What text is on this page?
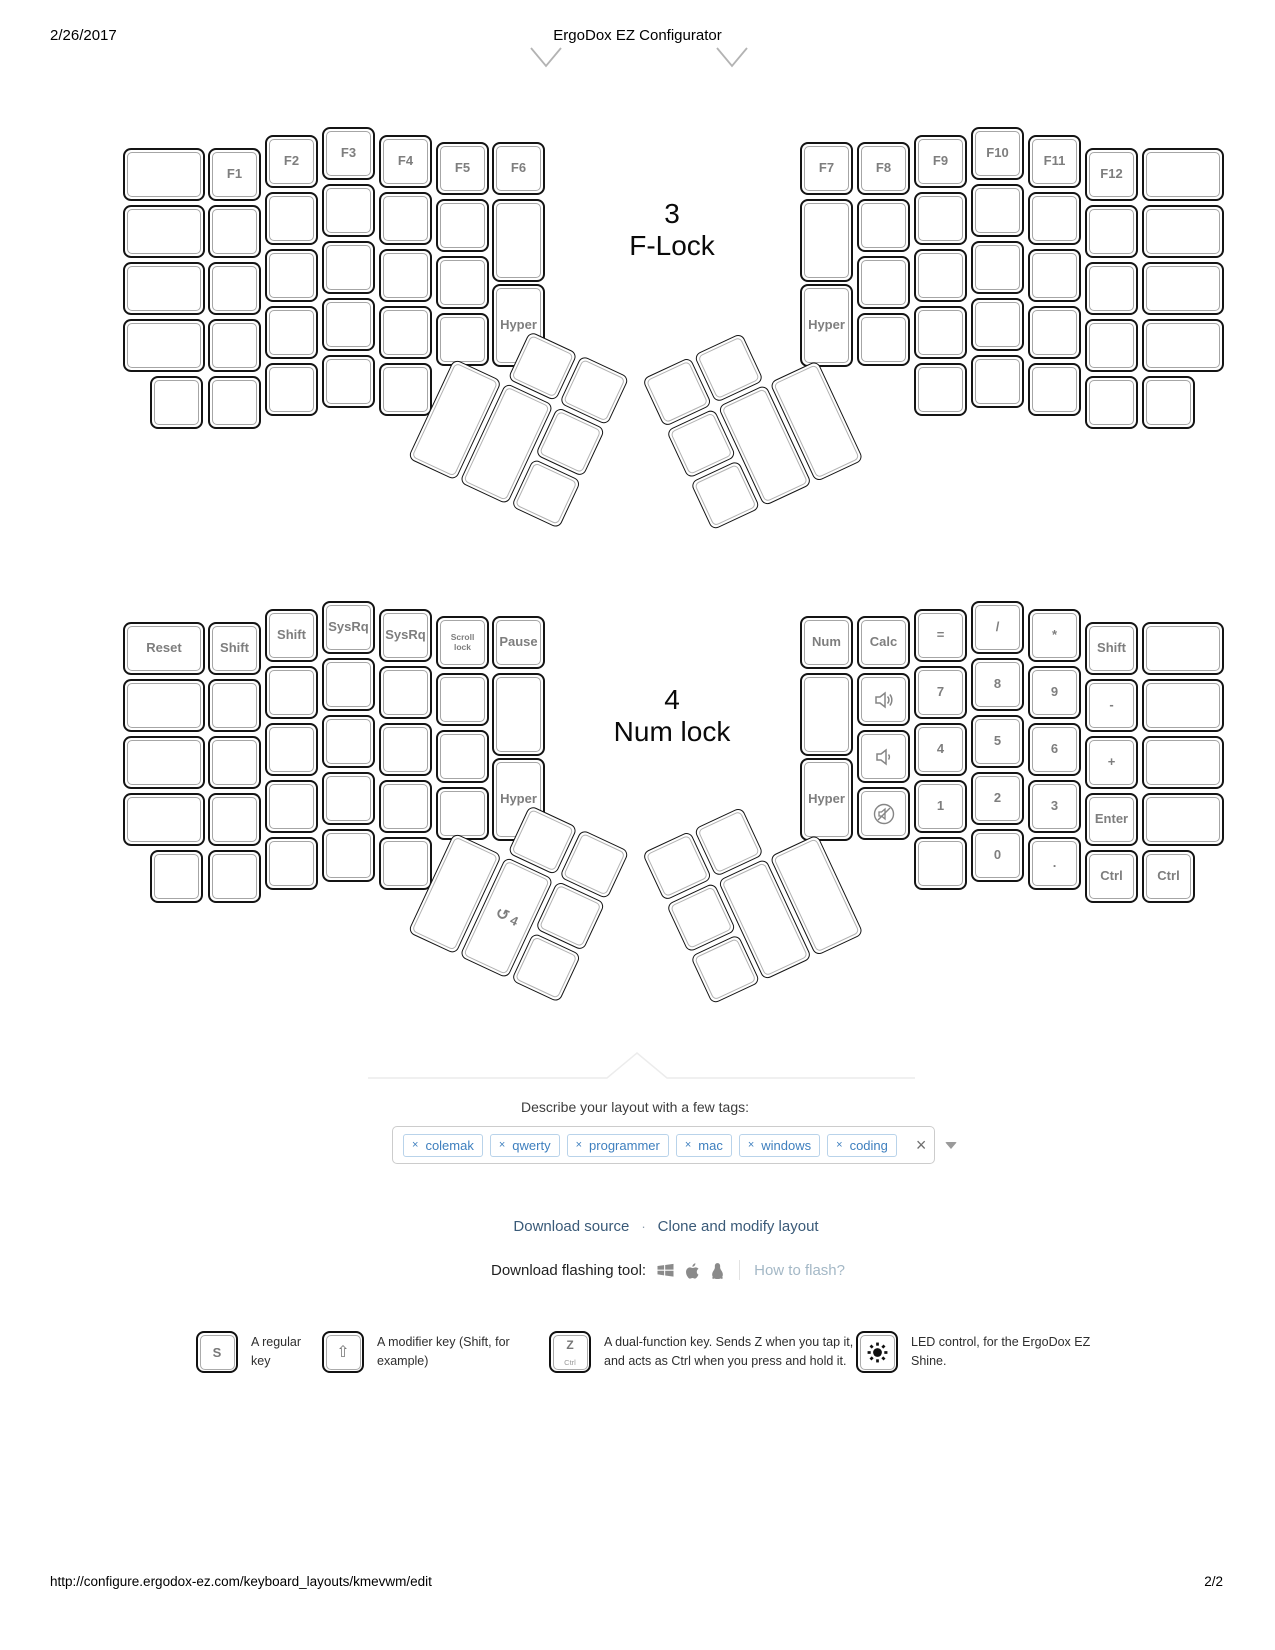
2/26/2017	ErgoDox EZ Configurator
F1
F2
F3
F4	F5	F6
Hyper
F7
Hyper
F8	F9
F10
F11
F12
3
F-Lock
Reset	Shift
Shift
SysRq
SysRq	Scroll lock	Pause
Hyper
Num
Hyper
Calc	=
7
4
1
/
8
5
2
*
9
6
3
Shift
-
+
Enter
0
.
Ctrl	Ctrl
↺
4
4
Num lock
Describe your layout with a few tags:
× colemak × qwerty × programmer × mac × windows × coding ×
Download source · Clone and modify layout
Download flashing tool:	How to flash?
S
A regular key	⇧
A modifier key (Shift, for example)
Z
Ctrl
A dual-function key. Sends Z when you tap it, and acts as Ctrl when you press and hold it.
LED control, for the ErgoDox EZ Shine.
http://configure.ergodox-ez.com/keyboard_layouts/kmevwm/edit	2/2
